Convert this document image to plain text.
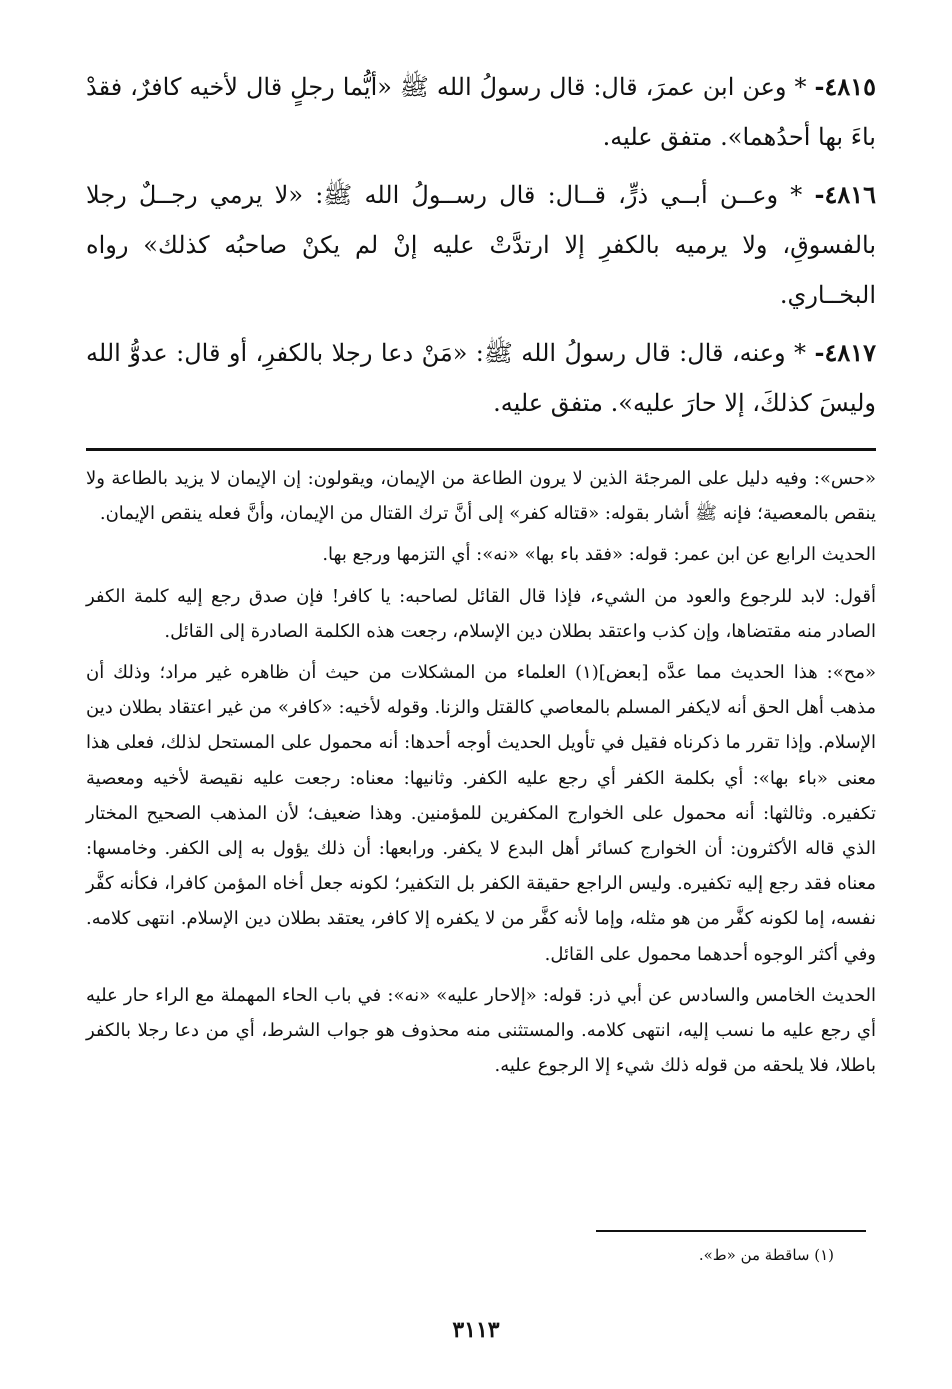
٤٨١٥- * وعن ابن عمرَ، قال: قال رسولُ الله ﷺ «أيُّما رجلٍ قال لأخيه كافرٌ، فقدْ باءَ بها أحدُهما». متفق عليه.
٤٨١٦- * وعــن أبــي ذرٍّ، قــال: قال رســولُ الله ﷺ: «لا يرمي رجــلٌ رجلا بالفسوقِ، ولا يرميه بالكفرِ إلا ارتدَّتْ عليه إنْ لم يكنْ صاحبُه كذلك» رواه البخــاري.
٤٨١٧- * وعنه، قال: قال رسولُ الله ﷺ: «مَنْ دعا رجلا بالكفرِ، أو قال: عدوُّ الله وليسَ كذلكَ، إلا حارَ عليه». متفق عليه.

«حس»: وفيه دليل على المرجئة الذين لا يرون الطاعة من الإيمان، ويقولون: إن الإيمان لا يزيد بالطاعة ولا ينقص بالمعصية؛ فإنه ﷺ أشار بقوله: «قتاله كفر» إلى أنَّ ترك القتال من الإيمان، وأنَّ فعله ينقص الإيمان.

الحديث الرابع عن ابن عمر: قوله: «فقد باء بها» «نه»: أي التزمها ورجع بها.

أقول: لابد للرجوع والعود من الشيء، فإذا قال القائل لصاحبه: يا كافر! فإن صدق رجع إليه كلمة الكفر الصادر منه مقتضاها، وإن كذب واعتقد بطلان دين الإسلام، رجعت هذه الكلمة الصادرة إلى القائل.

«مح»: هذا الحديث مما عدَّه [بعض](١) العلماء من المشكلات من حيث أن ظاهره غير مراد؛ وذلك أن مذهب أهل الحق أنه لايكفر المسلم بالمعاصي كالقتل والزنا. وقوله لأخيه: «كافر» من غير اعتقاد بطلان دين الإسلام. وإذا تقرر ما ذكرناه فقيل في تأويل الحديث أوجه أحدها: أنه محمول على المستحل لذلك، فعلى هذا معنى «باء بها»: أي بكلمة الكفر أي رجع عليه الكفر. وثانيها: معناه: رجعت عليه نقيصة لأخيه ومعصية تكفيره. وثالثها: أنه محمول على الخوارج المكفرين للمؤمنين. وهذا ضعيف؛ لأن المذهب الصحيح المختار الذي قاله الأكثرون: أن الخوارج كسائر أهل البدع لا يكفر. ورابعها: أن ذلك يؤول به إلى الكفر. وخامسها: معناه فقد رجع إليه تكفيره. وليس الراجع حقيقة الكفر بل التكفير؛ لكونه جعل أخاه المؤمن كافرا، فكأنه كفَّر نفسه، إما لكونه كفَّر من هو مثله، وإما لأنه كفَّر من لا يكفره إلا كافر، يعتقد بطلان دين الإسلام. انتهى كلامه. وفي أكثر الوجوه أحدهما محمول على القائل.

الحديث الخامس والسادس عن أبي ذر: قوله: «إلاحار عليه» «نه»: في باب الحاء المهملة مع الراء حار عليه أي رجع عليه ما نسب إليه، انتهى كلامه. والمستثنى منه محذوف هو جواب الشرط، أي من دعا رجلا بالكفر باطلا، فلا يلحقه من قوله ذلك شيء إلا الرجوع عليه.

(١) ساقطة من «ط».
٣١١٣
